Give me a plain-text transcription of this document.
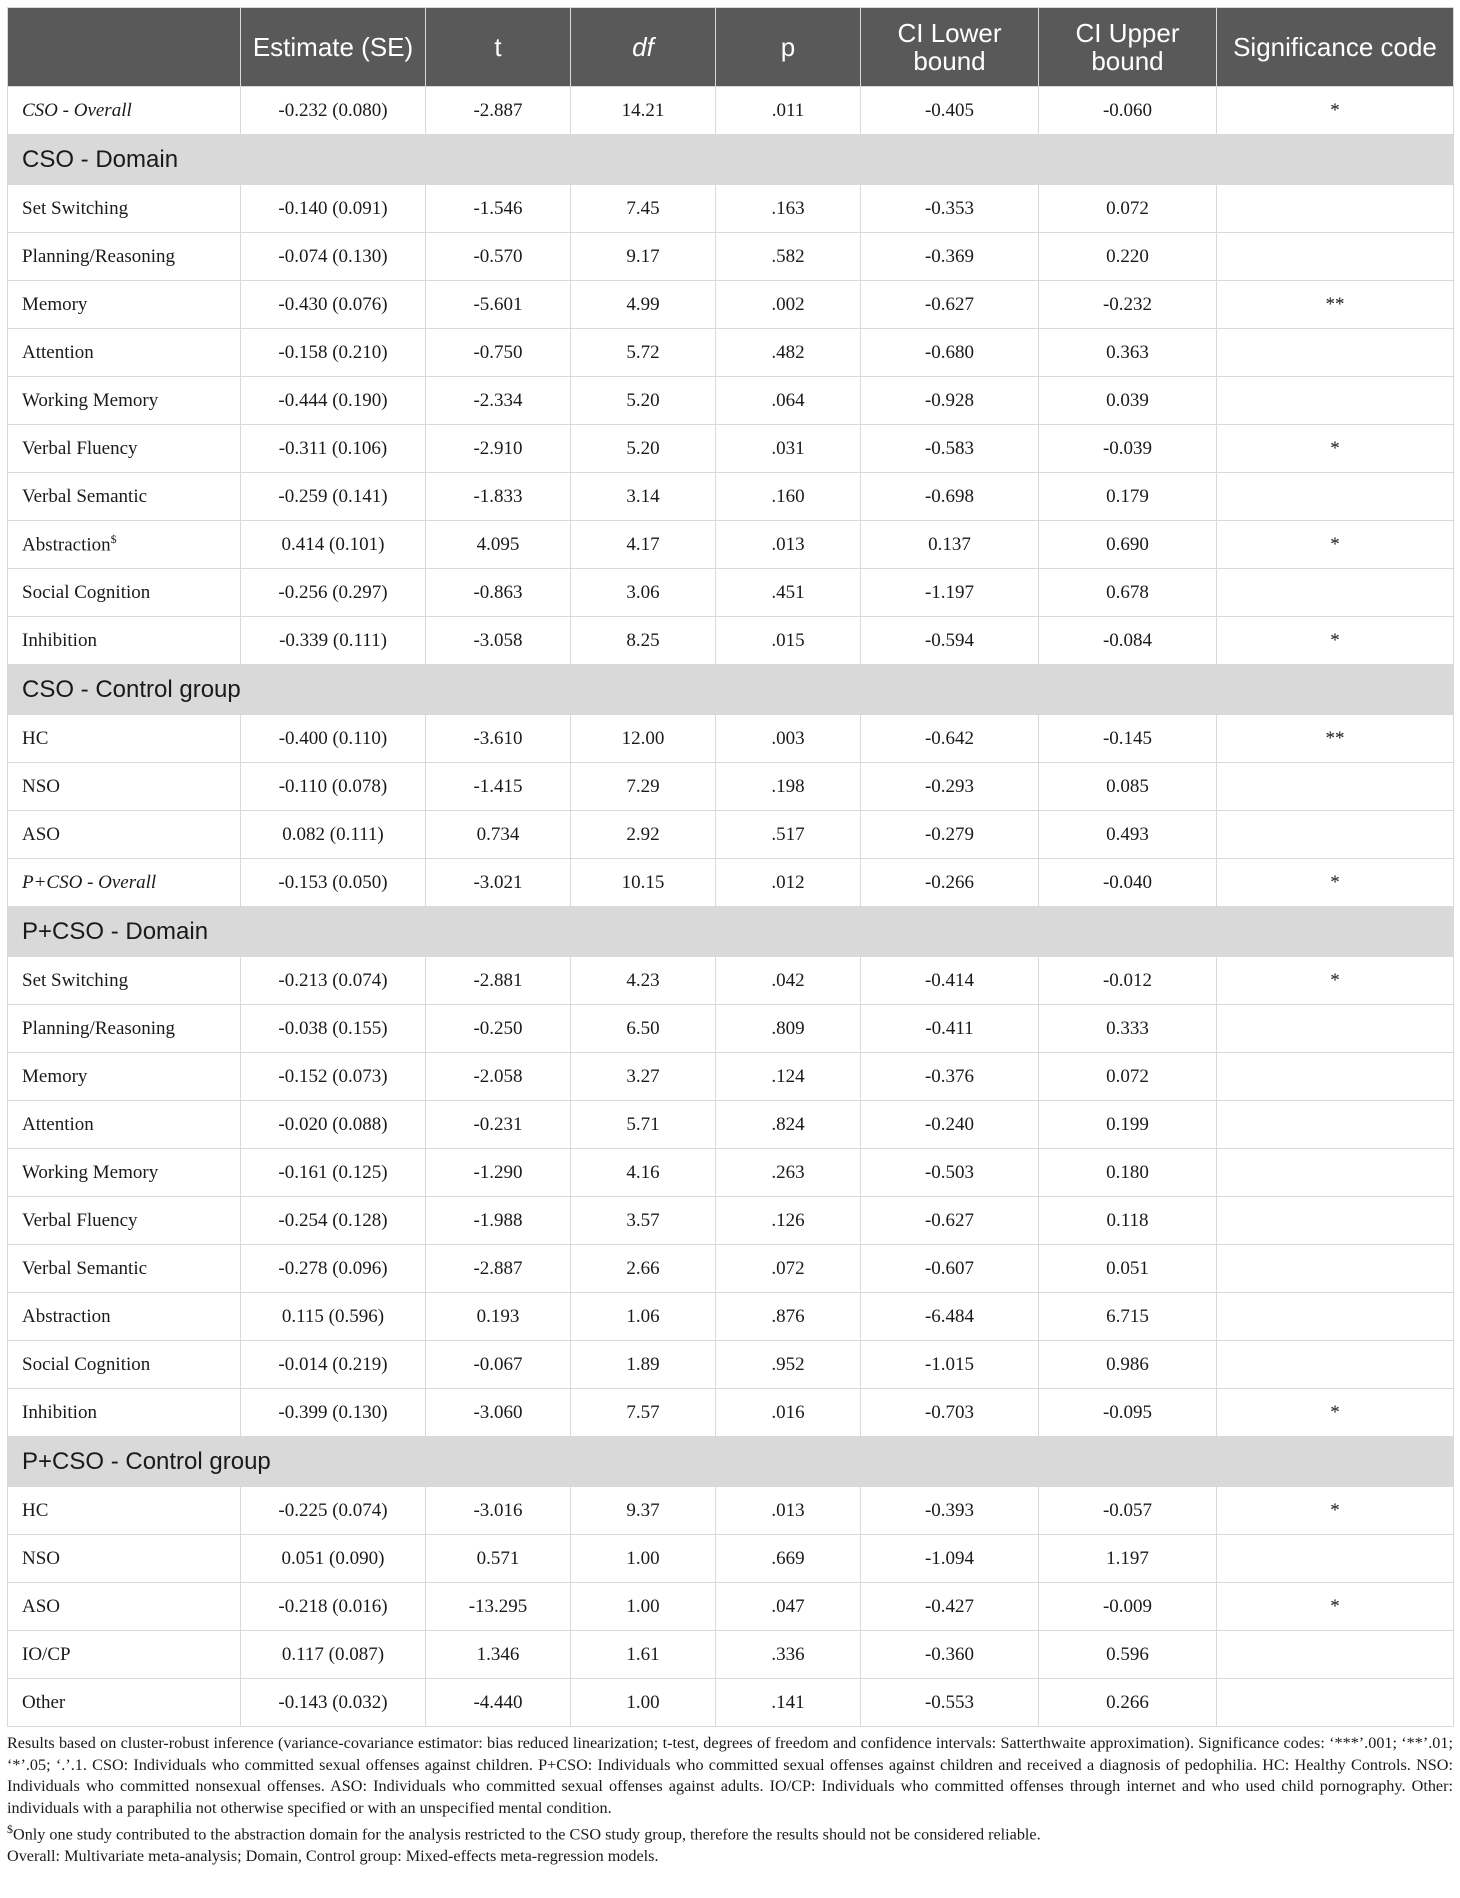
	Estimate (SE)	t	df	p	CI Lower bound	CI Upper bound	Significance code
CSO - Overall	-0.232 (0.080)	-2.887	14.21	.011	-0.405	-0.060	*
CSO - Domain							
Set Switching	-0.140 (0.091)	-1.546	7.45	.163	-0.353	0.072	
Planning/Reasoning	-0.074 (0.130)	-0.570	9.17	.582	-0.369	0.220	
Memory	-0.430 (0.076)	-5.601	4.99	.002	-0.627	-0.232	**
Attention	-0.158 (0.210)	-0.750	5.72	.482	-0.680	0.363	
Working Memory	-0.444 (0.190)	-2.334	5.20	.064	-0.928	0.039	
Verbal Fluency	-0.311 (0.106)	-2.910	5.20	.031	-0.583	-0.039	*
Verbal Semantic	-0.259 (0.141)	-1.833	3.14	.160	-0.698	0.179	
Abstraction$	0.414 (0.101)	4.095	4.17	.013	0.137	0.690	*
Social Cognition	-0.256 (0.297)	-0.863	3.06	.451	-1.197	0.678	
Inhibition	-0.339 (0.111)	-3.058	8.25	.015	-0.594	-0.084	*
CSO - Control group							
HC	-0.400 (0.110)	-3.610	12.00	.003	-0.642	-0.145	**
NSO	-0.110 (0.078)	-1.415	7.29	.198	-0.293	0.085	
ASO	0.082 (0.111)	0.734	2.92	.517	-0.279	0.493	
P+CSO - Overall	-0.153 (0.050)	-3.021	10.15	.012	-0.266	-0.040	*
P+CSO - Domain							
Set Switching	-0.213 (0.074)	-2.881	4.23	.042	-0.414	-0.012	*
Planning/Reasoning	-0.038 (0.155)	-0.250	6.50	.809	-0.411	0.333	
Memory	-0.152 (0.073)	-2.058	3.27	.124	-0.376	0.072	
Attention	-0.020 (0.088)	-0.231	5.71	.824	-0.240	0.199	
Working Memory	-0.161 (0.125)	-1.290	4.16	.263	-0.503	0.180	
Verbal Fluency	-0.254 (0.128)	-1.988	3.57	.126	-0.627	0.118	
Verbal Semantic	-0.278 (0.096)	-2.887	2.66	.072	-0.607	0.051	
Abstraction	0.115 (0.596)	0.193	1.06	.876	-6.484	6.715	
Social Cognition	-0.014 (0.219)	-0.067	1.89	.952	-1.015	0.986	
Inhibition	-0.399 (0.130)	-3.060	7.57	.016	-0.703	-0.095	*
P+CSO - Control group							
HC	-0.225 (0.074)	-3.016	9.37	.013	-0.393	-0.057	*
NSO	0.051 (0.090)	0.571	1.00	.669	-1.094	1.197	
ASO	-0.218 (0.016)	-13.295	1.00	.047	-0.427	-0.009	*
IO/CP	0.117 (0.087)	1.346	1.61	.336	-0.360	0.596	
Other	-0.143 (0.032)	-4.440	1.00	.141	-0.553	0.266	

Results based on cluster-robust inference (variance-covariance estimator: bias reduced linearization; t-test, degrees of freedom and confidence intervals: Satterthwaite approximation). Significance codes: ‘***’.001; ‘**’.01; ‘*’.05; ‘.’.1. CSO: Individuals who committed sexual offenses against children. P+CSO: Individuals who committed sexual offenses against children and received a diagnosis of pedophilia. HC: Healthy Controls. NSO: Individuals who committed nonsexual offenses. ASO: Individuals who committed sexual offenses against adults. IO/CP: Individuals who committed offenses through internet and who used child pornography. Other: individuals with a paraphilia not otherwise specified or with an unspecified mental condition.

$Only one study contributed to the abstraction domain for the analysis restricted to the CSO study group, therefore the results should not be considered reliable.

Overall: Multivariate meta-analysis; Domain, Control group: Mixed-effects meta-regression models.
